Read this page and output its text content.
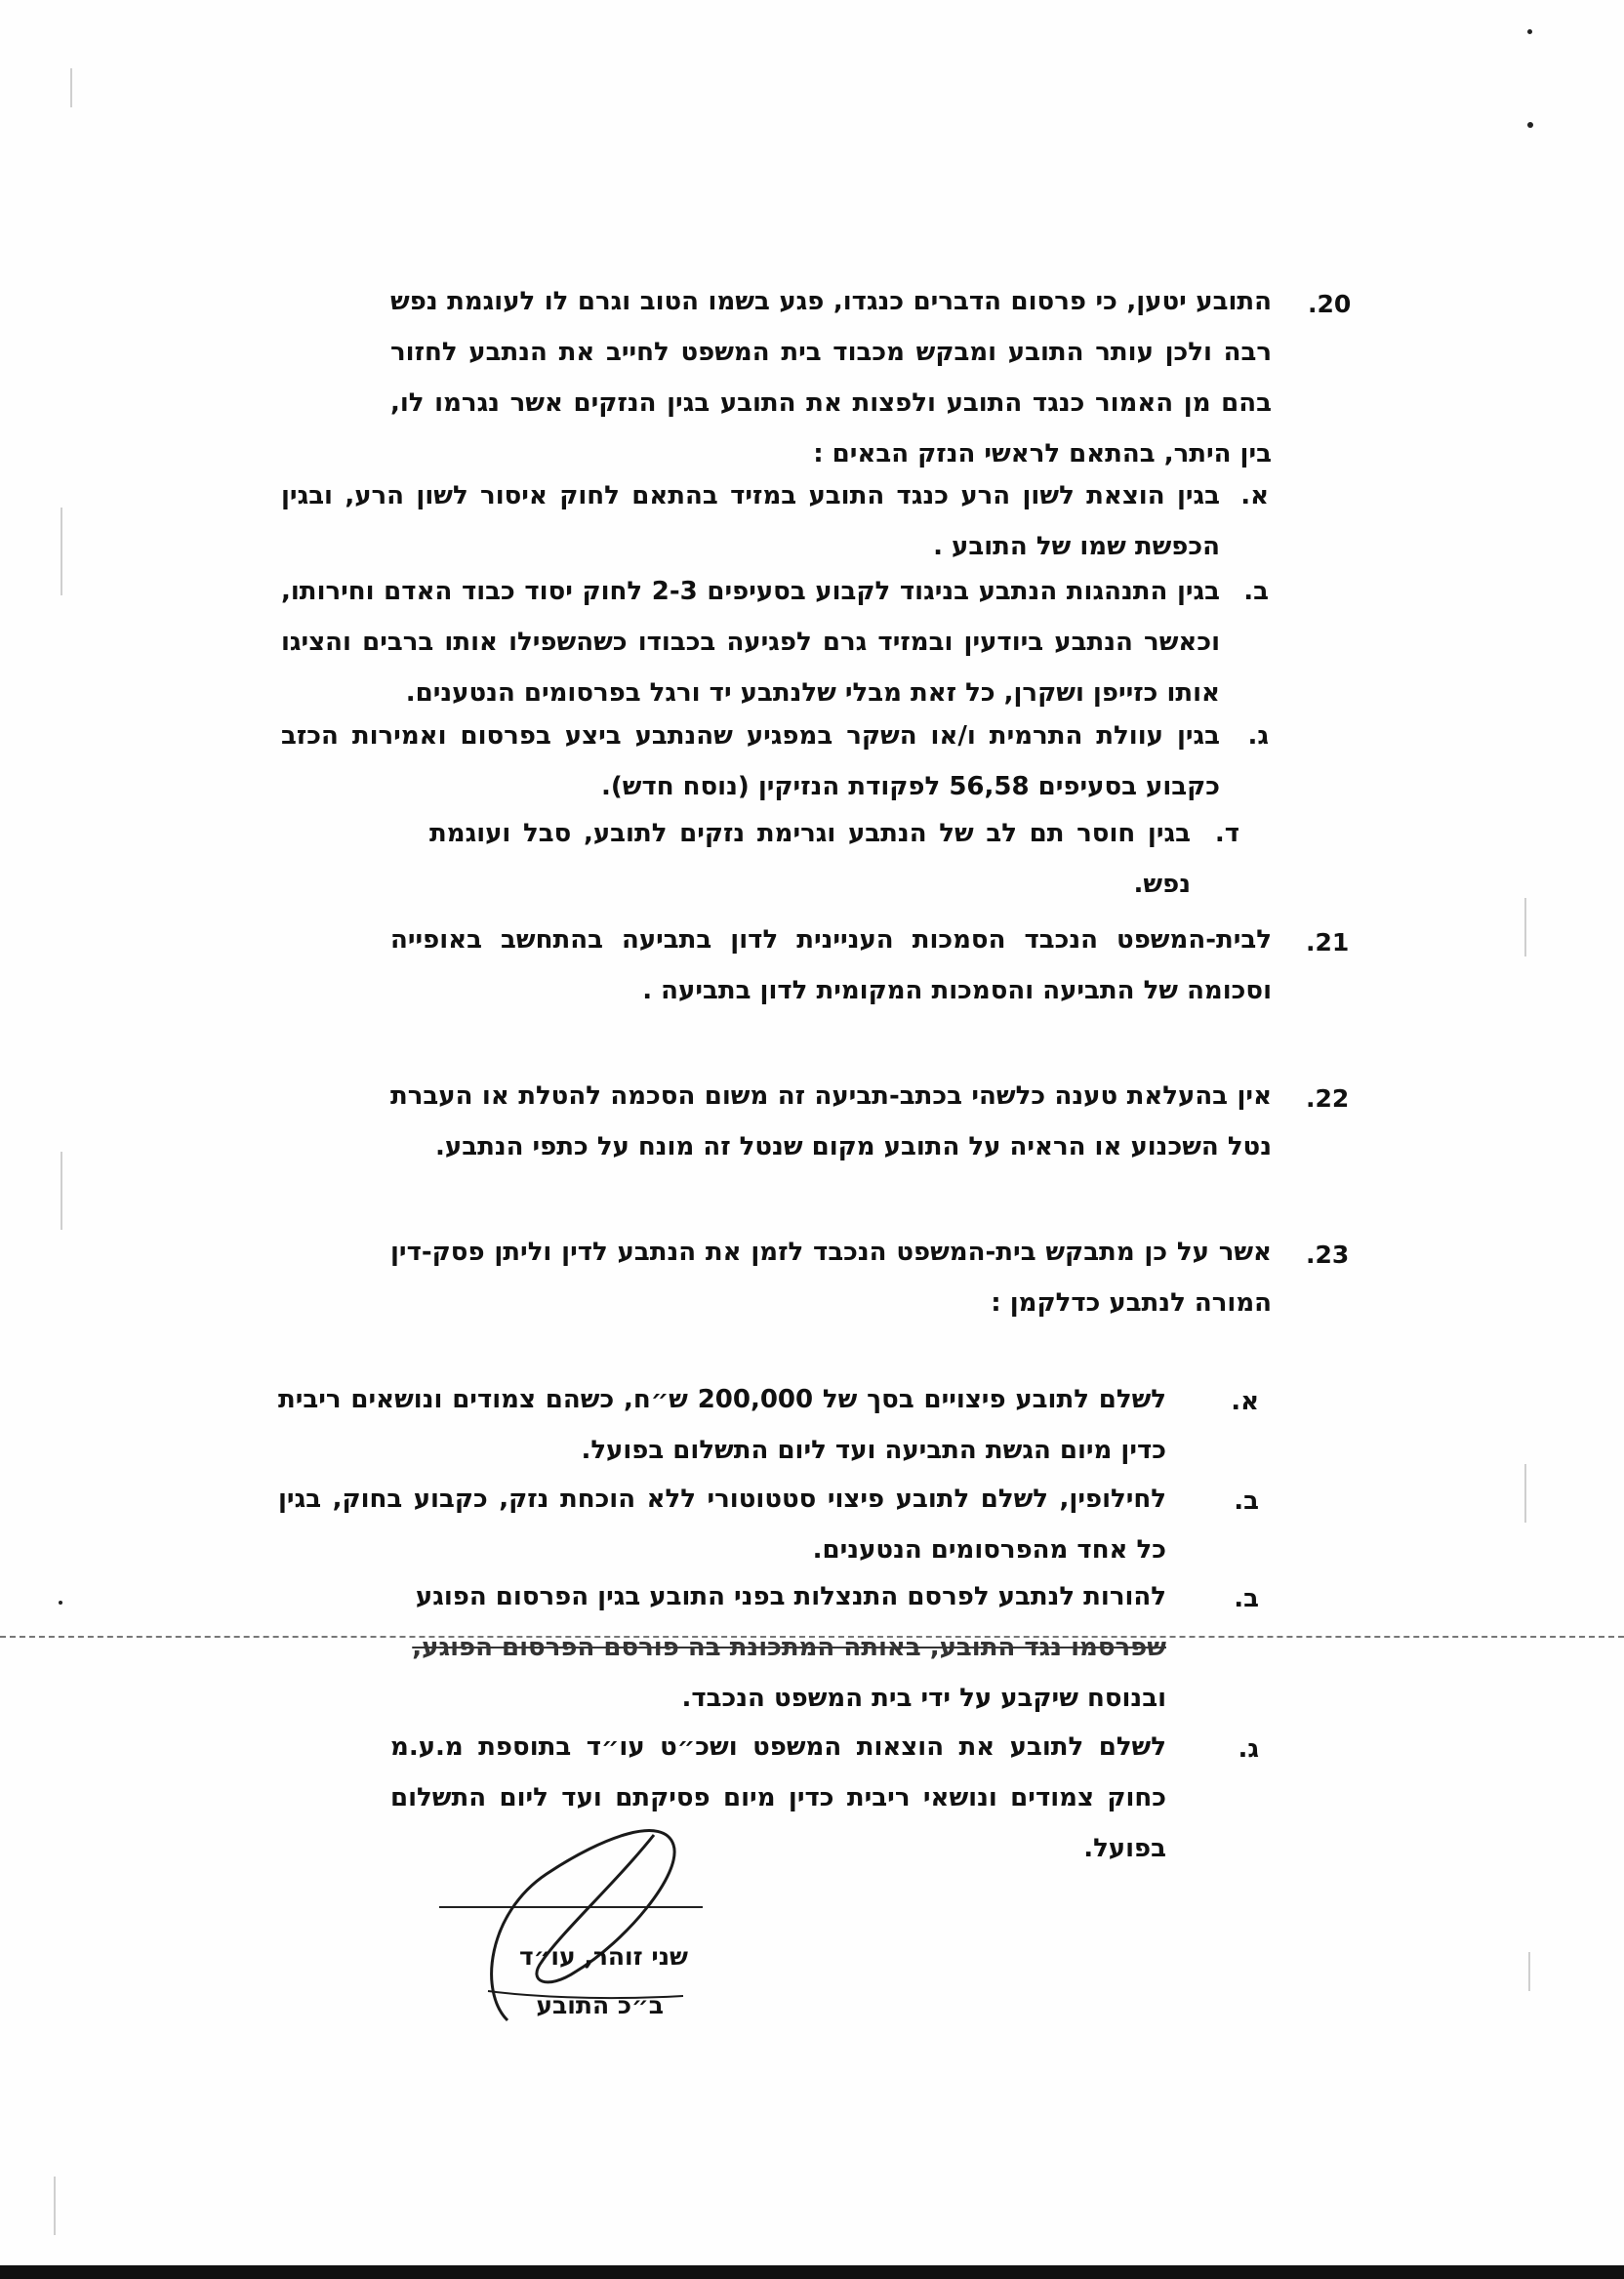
.20
התובע יטען, כי פרסום הדברים כנגדו, פגע בשמו הטוב וגרם לו לעוגמת נפש רבה ולכן עותר התובע ומבקש מכבוד בית המשפט לחייב את הנתבע לחזור בהם מן האמור כנגד התובע ולפצות את התובע בגין הנזקים אשר נגרמו לו, בין היתר, בהתאם לראשי הנזק הבאים :
א.
בגין הוצאת לשון הרע כנגד התובע במזיד בהתאם לחוק איסור לשון הרע, ובגין הכפשת שמו של התובע .
ב.
בגין התנהגות הנתבע בניגוד לקבוע בסעיפים 2-3 לחוק יסוד כבוד האדם וחירותו, וכאשר הנתבע ביודעין ובמזיד גרם לפגיעה בכבודו כשהשפילו אותו ברבים והציגו אותו כזייפן ושקרן, כל זאת מבלי שלנתבע יד ורגל בפרסומים הנטענים.
ג.
בגין עוולת התרמית ו/או השקר במפגיע שהנתבע ביצע בפרסום ואמירות הכזב כקבוע בסעיפים 56,58 לפקודת הנזיקין (נוסח חדש).
ד.
בגין חוסר תם לב של הנתבע וגרימת נזקים לתובע, סבל ועוגמת נפש.
.21
לבית-המשפט הנכבד הסמכות העניינית לדון בתביעה בהתחשב באופייה וסכומה של התביעה והסמכות המקומית לדון בתביעה .
.22
אין בהעלאת טענה כלשהי בכתב-תביעה זה משום הסכמה להטלת או העברת נטל השכנוע או הראיה על התובע מקום שנטל זה מונח על כתפי הנתבע.
.23
אשר על כן מתבקש בית-המשפט הנכבד לזמן את הנתבע לדין וליתן פסק-דין המורה לנתבע כדלקמן :
א.
לשלם לתובע פיצויים בסך של 200,000 ש״ח, כשהם צמודים ונושאים ריבית כדין מיום הגשת התביעה ועד ליום התשלום בפועל.
ב.
לחילופין, לשלם לתובע פיצוי סטטוטורי ללא הוכחת נזק, כקבוע בחוק, בגין כל אחד מהפרסומים הנטענים.
ב.
להורות לנתבע לפרסם התנצלות בפני התובע בגין הפרסום הפוגע
שפרסמו נגד התובע, באותה המתכונת בה פורסם הפרסום הפוגע,
ובנוסח שיקבע על ידי בית המשפט הנכבד.
ג.
לשלם לתובע את הוצאות המשפט ושכ״ט עו״ד בתוספת מ.ע.מ כחוק צמודים ונושאי ריבית כדין מיום פסיקתם ועד ליום התשלום בפועל.
שני זוהר, עו״ד
ב״כ התובע
